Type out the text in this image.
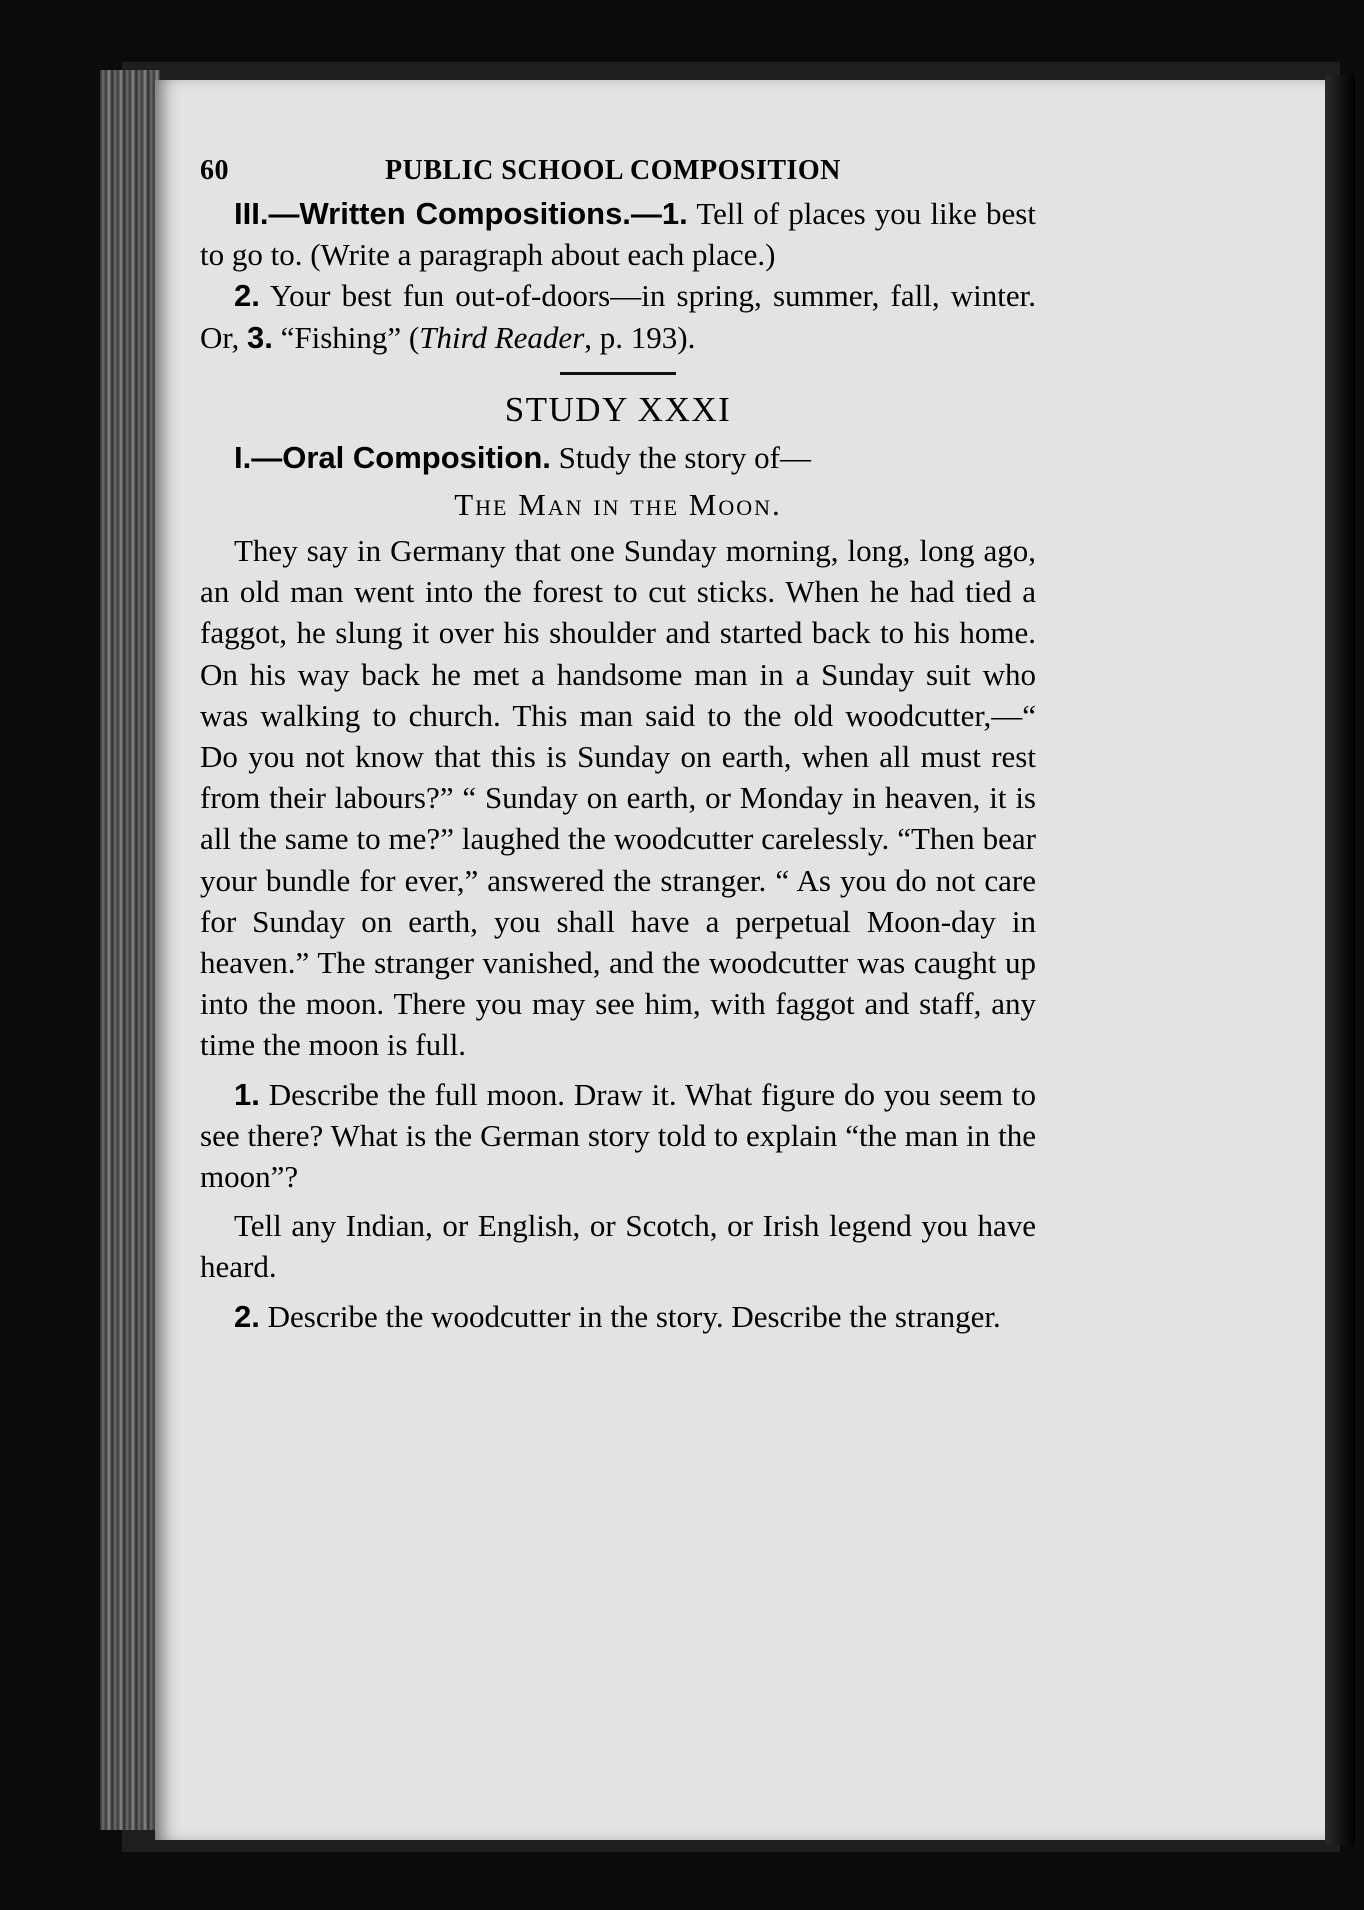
60	PUBLIC SCHOOL COMPOSITION

III.—Written Compositions.—1. Tell of places you like best to go to. (Write a paragraph about each place.)

2. Your best fun out-of-doors—in spring, summer, fall, winter. Or, 3. “Fishing” (Third Reader, p. 193).

STUDY XXXI

I.—Oral Composition. Study the story of—

The Man in the Moon.

They say in Germany that one Sunday morning, long, long ago, an old man went into the forest to cut sticks. When he had tied a faggot, he slung it over his shoulder and started back to his home. On his way back he met a handsome man in a Sunday suit who was walking to church. This man said to the old woodcutter,—“ Do you not know that this is Sunday on earth, when all must rest from their labours?” “ Sunday on earth, or Monday in heaven, it is all the same to me?” laughed the woodcutter carelessly. “Then bear your bundle for ever,” answered the stranger. “ As you do not care for Sunday on earth, you shall have a perpetual Moon-day in heaven.” The stranger vanished, and the woodcutter was caught up into the moon. There you may see him, with faggot and staff, any time the moon is full.

1. Describe the full moon. Draw it. What figure do you seem to see there? What is the German story told to explain “the man in the moon”?

Tell any Indian, or English, or Scotch, or Irish legend you have heard.

2. Describe the woodcutter in the story. Describe the stranger.
